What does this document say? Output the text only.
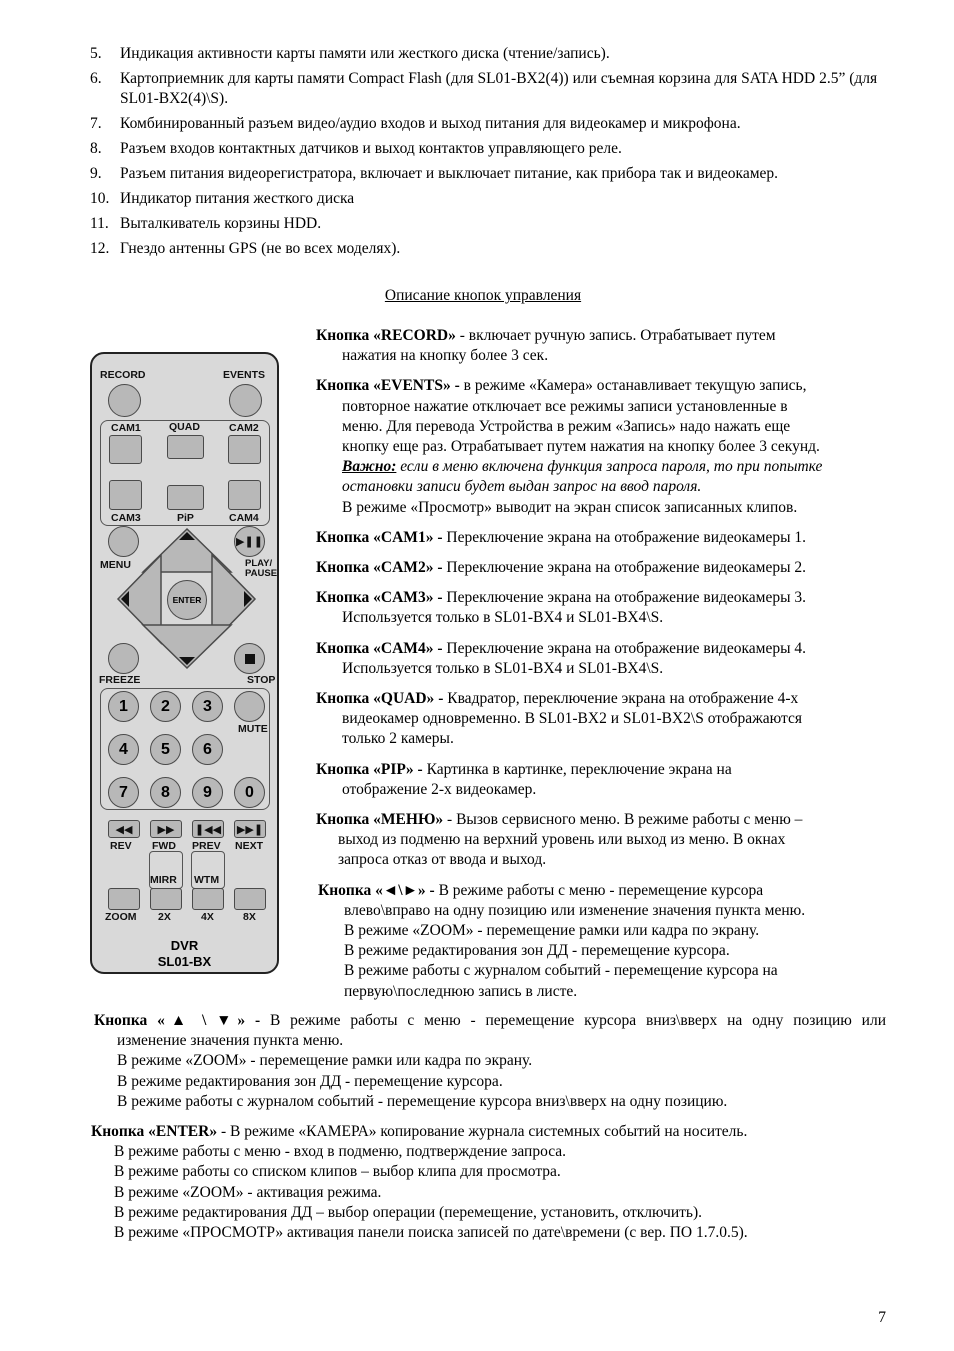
5.	Индикация активности карты памяти или жесткого диска (чтение/запись).
6.	Картоприемник для карты памяти Compact Flash (для SL01-BX2(4)) или съемная корзина для SATA HDD 2.5” (для SL01-BX2(4)\S).
7.	Комбинированный разъем видео/аудио входов и выход питания для видеокамер и микрофона.
8.	Разъем входов контактных датчиков и выход контактов управляющего реле.
9.	Разъем питания видеорегистратора, включает и выключает питание, как прибора так и видеокамер.
10. Индикатор питания жесткого диска
11. Выталкиватель корзины HDD.
12. Гнездо антенны GPS (не во всех моделях).
Описание кнопок управления
RECORD	EVENTS
CAM1	QUAD	CAM2
CAM3	PiP	CAM4
MENU
▶❚❚
PLAY/
PAUSE
ENTER
FREEZE	STOP
1	2	3
MUTE
4	5	6
7	8	9	0
◀◀ ▶▶ ❚◀◀ ▶▶❚
REV FWD PREV NEXT
MIRR WTM
ZOOM 2X	4X	8X
DVR
SL01-BX

Кнопка «RECORD» - включает ручную запись. Отрабатывает путем

нажатия на кнопку более 3 сек.

Кнопка «EVENTS» - в режиме «Камера» останавливает текущую запись,

повторное нажатие отключает все режимы записи установленные в

меню. Для перевода Устройства в режим «Запись» надо нажать еще

кнопку еще раз. Отрабатывает путем нажатия на кнопку более 3 секунд.

Важно: если в меню включена функция запроса пароля, то при попытке

остановки записи будет выдан запрос на ввод пароля.

В режиме «Просмотр» выводит на экран список записанных клипов.

Кнопка «CAM1» - Переключение экрана на отображение видеокамеры 1.

Кнопка «CAM2» - Переключение экрана на отображение видеокамеры 2.

Кнопка «CAM3» - Переключение экрана на отображение видеокамеры 3.

Используется только в SL01-BX4 и SL01-BX4\S.

Кнопка «CAM4» - Переключение экрана на отображение видеокамеры 4.

Используется только в SL01-BX4 и SL01-BX4\S.

Кнопка «QUAD» - Квадратор, переключение экрана на отображение 4-х

видеокамер одновременно. В SL01-BX2 и SL01-BX2\S отображаются

только 2 камеры.

Кнопка «PIP» - Картинка в картинке, переключение экрана на

отображение 2-х видеокамер.

Кнопка «МЕНЮ» - Вызов сервисного меню. В режиме работы с меню –

выход из подменю на верхний уровень или выход из меню. В окнах

запроса отказ от ввода и выход.

Кнопка «◄\►» - В режиме работы с меню - перемещение курсора

влево\вправо на одну позицию или изменение значения пункта меню.

В режиме «ZOOM» - перемещение рамки или кадра по экрану.

В режиме редактирования зон ДД - перемещение курсора.

В режиме работы с журналом событий - перемещение курсора на

первую\последнюю запись в листе.

Кнопка «▲ \ ▼» - В режиме работы с меню - перемещение курсора вниз\вверх на одну позицию или

изменение значения пункта меню.

В режиме «ZOOM» - перемещение рамки или кадра по экрану.

В режиме редактирования зон ДД - перемещение курсора.

В режиме работы с журналом событий - перемещение курсора вниз\вверх на одну позицию.

Кнопка «ENTER» - В режиме «КАМЕРА» копирование журнала системных событий на носитель.

В режиме работы с меню - вход в подменю, подтверждение запроса.

В режиме работы со списком клипов – выбор клипа для просмотра.

В режиме «ZOOM» - активация режима.

В режиме редактирования ДД – выбор операции (перемещение, установить, отключить).

В режиме «ПРОСМОТР» активация панели поиска записей по дате\времени (с вер. ПО 1.7.0.5).

7
